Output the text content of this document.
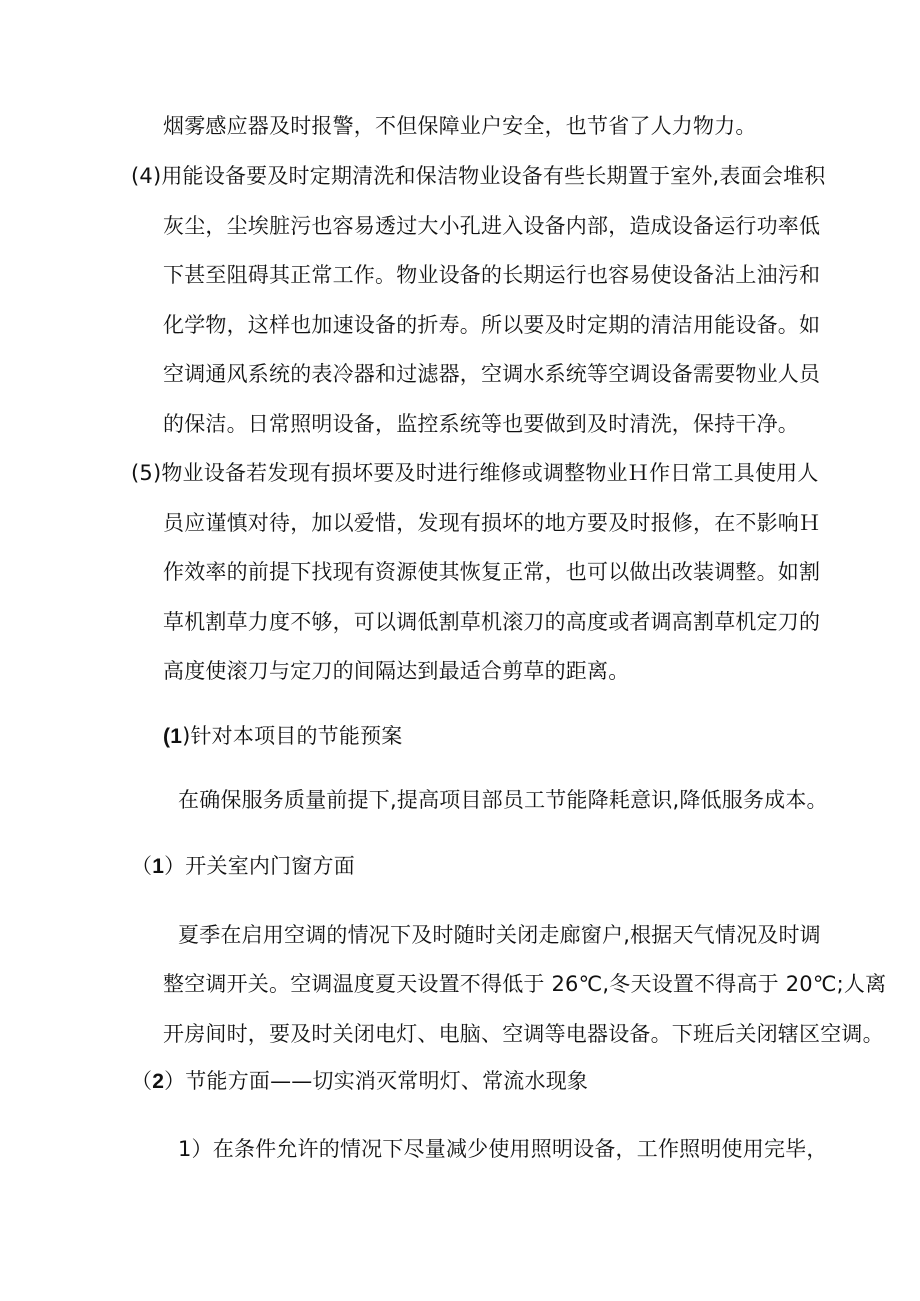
烟雾感应器及时报警，不但保障业户安全，也节省了人力物力。
(4)用能设备要及时定期清洗和保洁物业设备有些长期置于室外,表面会堆积
灰尘，尘埃脏污也容易透过大小孔进入设备内部，造成设备运行功率低
下甚至阻碍其正常工作。物业设备的长期运行也容易使设备沾上油污和
化学物，这样也加速设备的折寿。所以要及时定期的清洁用能设备。如
空调通风系统的表冷器和过滤器，空调水系统等空调设备需要物业人员
的保洁。日常照明设备，监控系统等也要做到及时清洗，保持干净。
(5)物业设备若发现有损坏要及时进行维修或调整物业Ｈ作日常工具使用人
员应谨慎对待，加以爱惜，发现有损坏的地方要及时报修，在不影响Ｈ
作效率的前提下找现有资源使其恢复正常，也可以做出改装调整。如割
草机割草力度不够，可以调低割草机滚刀的高度或者调高割草机定刀的
高度使滚刀与定刀的间隔达到最适合剪草的距离。
(1)针对本项目的节能预案
在确保服务质量前提下,提高项目部员工节能降耗意识,降低服务成本。
（1）开关室内门窗方面
夏季在启用空调的情况下及时随时关闭走廊窗户,根据天气情况及时调
整空调开关。空调温度夏天设置不得低于 26℃,冬天设置不得高于 20℃;人离
开房间时，要及时关闭电灯、电脑、空调等电器设备。下班后关闭辖区空调。
（2）节能方面——切实消灭常明灯、常流水现象
1）在条件允许的情况下尽量减少使用照明设备，工作照明使用完毕，
